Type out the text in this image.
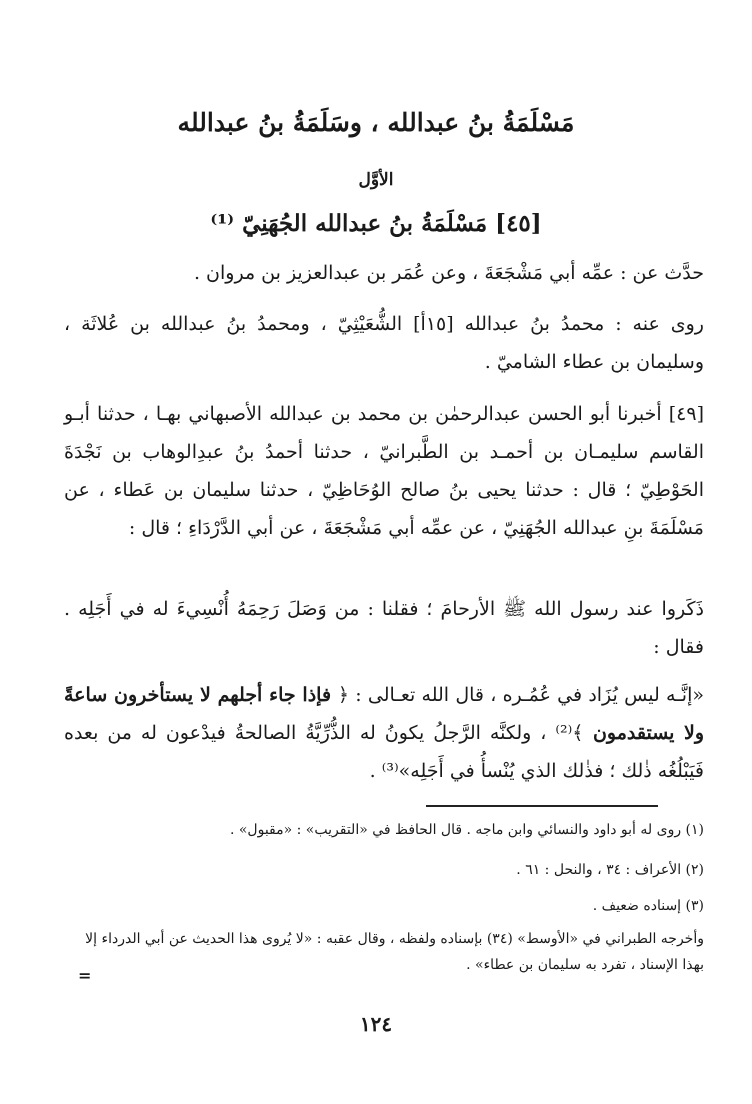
مَسْلَمَةُ بنُ عبدالله ، وسَلَمَةُ بنُ عبدالله
الأوَّل
[٤٥] مَسْلَمَةُ بنُ عبدالله الجُهَنِيّ ⁽¹⁾
حدَّث عن : عمِّه أبي مَشْجَعَةَ ، وعن عُمَر بن عبدالعزيز بن مروان .
روى عنه : محمدُ بنُ عبدالله [١٥أ] الشُّعَيْثِيّ ، ومحمدُ بنُ عبدالله بن عُلاثَة ، وسليمان بن عطاء الشاميّ .
[٤٩] أخبرنا أبو الحسن عبدالرحمٰن بن محمد بن عبدالله الأصبهاني بهـا ، حدثنا أبـو القاسم سليمـان بن أحمـد بن الطَّبرانيّ ، حدثنا أحمدُ بنُ عبدِالوهاب بن نَجْدَةَ الحَوْطِيّ ؛ قال : حدثنا يحيى بنُ صالح الوُحَاظِيّ ، حدثنا سليمان بن عَطاء ، عن مَسْلَمَةَ بنِ عبدالله الجُهَنِيّ ، عن عمِّه أبي مَشْجَعَةَ ، عن أبي الدَّرْدَاءِ ؛ قال :
ذَكَروا عند رسول الله ﷺ الأرحامَ ؛ فقلنا : من وَصَلَ رَحِمَهُ أُنْسِيءَ له في أَجَلِه . فقال :
«إنَّـه ليس يُزَاد في عُمُـره ، قال الله تعـالى : ﴿ فإذا جاء أجلهم لا يستأخرون ساعةً ولا يستقدمون ﴾⁽²⁾ ، ولكنَّه الرَّجلُ يكونُ له الذُّرِّيَّةُ الصالحةُ فيدْعون له من بعده فَيَبْلُغُه ذٰلك ؛ فذٰلك الذي يُنْسأُ في أَجَلِه»⁽³⁾ .
(١) روى له أبو داود والنسائي وابن ماجه . قال الحافظ في «التقريب» : «مقبول» .
(٢) الأعراف : ٣٤ ، والنحل : ٦١ .
(٣) إسناده ضعيف .
وأخرجه الطبراني في «الأوسط» (٣٤) بإسناده ولفظه ، وقال عقبه : «لا يُروى هذا الحديث عن أبي الدرداء إلا بهذا الإسناد ، تفرد به سليمان بن عطاء» .
=
١٢٤
